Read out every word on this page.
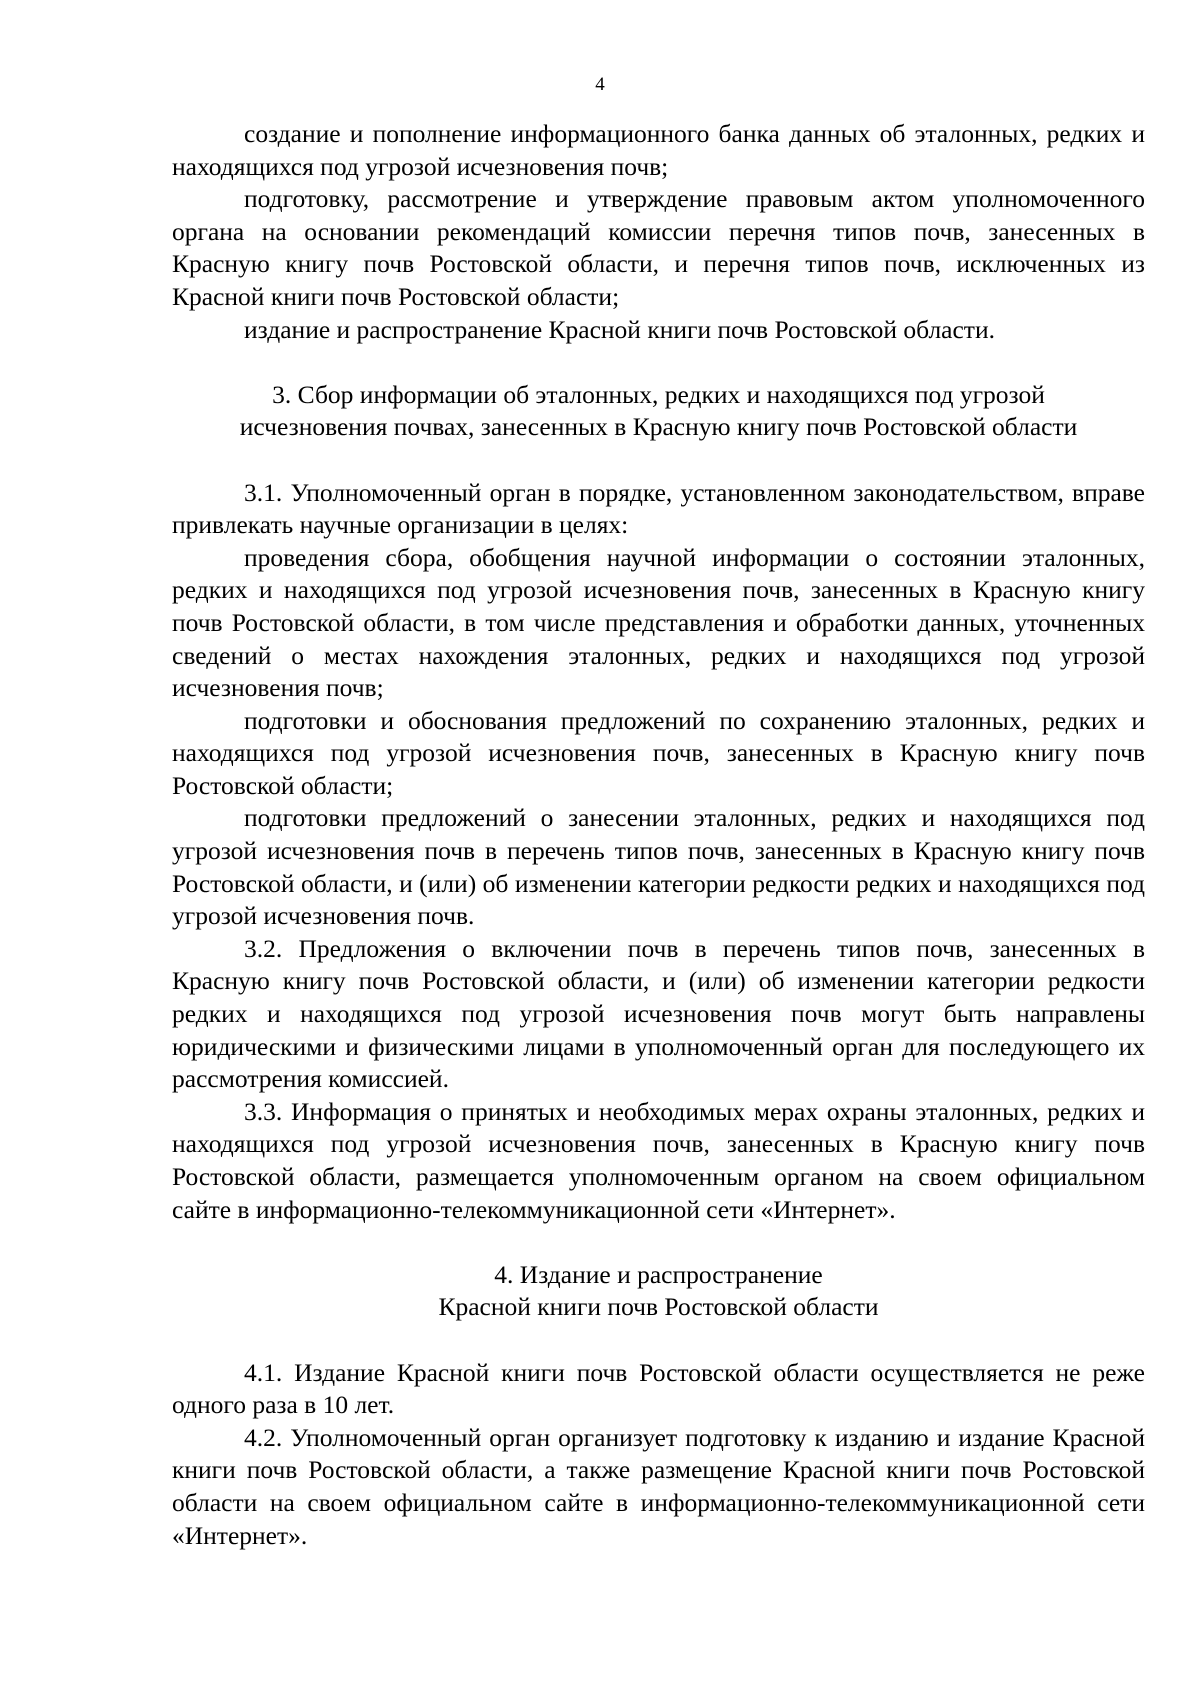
4

создание и пополнение информационного банка данных об эталонных, редких и находящихся под угрозой исчезновения почв;

подготовку, рассмотрение и утверждение правовым актом уполномоченного органа на основании рекомендаций комиссии перечня типов почв, занесенных в Красную книгу почв Ростовской области, и перечня типов почв, исключенных из Красной книги почв Ростовской области;

издание и распространение Красной книги почв Ростовской области.

3. Сбор информации об эталонных, редких и находящихся под угрозой
исчезновения почвах, занесенных в Красную книгу почв Ростовской области

3.1. Уполномоченный орган в порядке, установленном законодательством, вправе привлекать научные организации в целях:

проведения сбора, обобщения научной информации о состоянии эталонных, редких и находящихся под угрозой исчезновения почв, занесенных в Красную книгу почв Ростовской области, в том числе представления и обработки данных, уточненных сведений о местах нахождения эталонных, редких и находящихся под угрозой исчезновения почв;

подготовки и обоснования предложений по сохранению эталонных, редких и находящихся под угрозой исчезновения почв, занесенных в Красную книгу почв Ростовской области;

подготовки предложений о занесении эталонных, редких и находящихся под угрозой исчезновения почв в перечень типов почв, занесенных в Красную книгу почв Ростовской области, и (или) об изменении категории редкости редких и находящихся под угрозой исчезновения почв.

3.2. Предложения о включении почв в перечень типов почв, занесенных в Красную книгу почв Ростовской области, и (или) об изменении категории редкости редких и находящихся под угрозой исчезновения почв могут быть направлены юридическими и физическими лицами в уполномоченный орган для последующего их рассмотрения комиссией.

3.3. Информация о принятых и необходимых мерах охраны эталонных, редких и находящихся под угрозой исчезновения почв, занесенных в Красную книгу почв Ростовской области, размещается уполномоченным органом на своем официальном сайте в информационно-телекоммуникационной сети «Интернет».

4. Издание и распространение
Красной книги почв Ростовской области

4.1. Издание Красной книги почв Ростовской области осуществляется не реже одного раза в 10 лет.

4.2. Уполномоченный орган организует подготовку к изданию и издание Красной книги почв Ростовской области, а также размещение Красной книги почв Ростовской области на своем официальном сайте в информационно-телекоммуникационной сети «Интернет».
